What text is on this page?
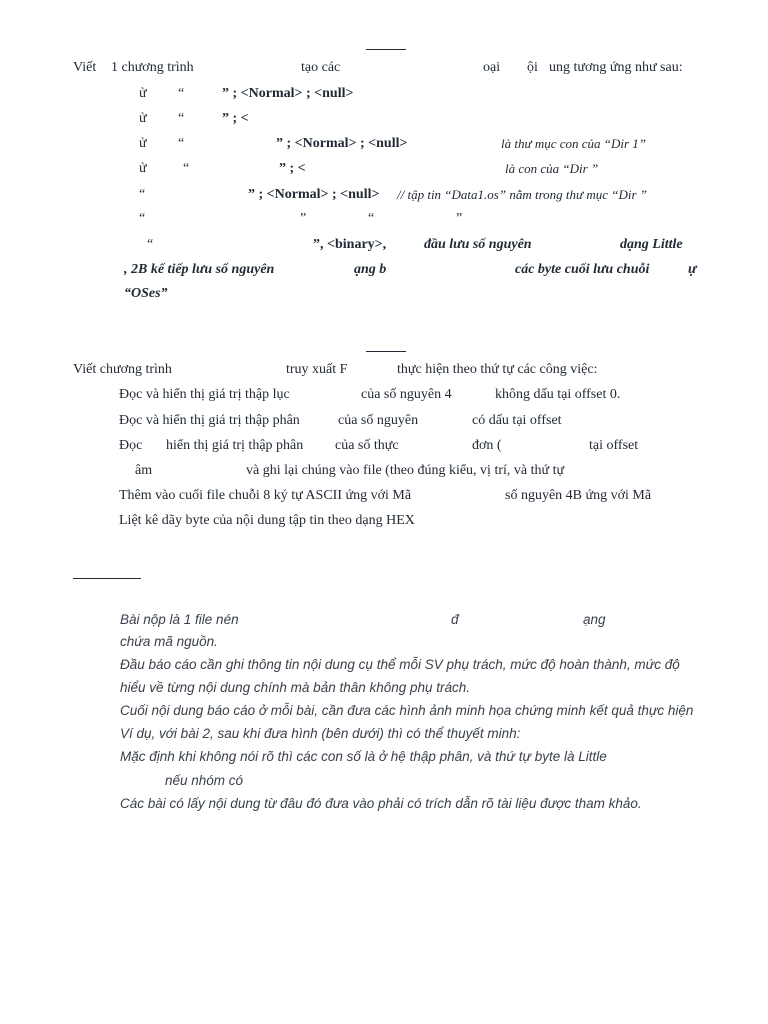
Viết 1 chương trình	tạo các	oại ội ung tương ứng như sau:
ử “	” ; <Normal> ; <null>
ử “	” ; <
ử “	” ; <Normal> ; <null>	là thư mục con của “Dir 1”
ử	“	” ; <	là con của “Dir ”
“	” ; <Normal> ; <null> // tập tin “Data1.os” nằm trong thư mục “Dir ”
“	”	“	”
“	”, <binary>,	đầu lưu số nguyên	dạng Little
, 2B kế tiếp lưu số nguyên	ạng b	các byte cuối lưu chuỗi	ự
“OSes”
Viết chương trình	truy xuất F	thực hiện theo thứ tự các công việc:
Đọc và hiển thị giá trị thập lục	của số nguyên 4	không dấu tại offset 0.
Đọc và hiển thị giá trị thập phân	của số nguyên	có dấu tại offset
Đọc hiển thị giá trị thập phân của số thực	đơn (	tại offset
âm	và ghi lại chúng vào file (theo đúng kiểu, vị trí, và thứ tự
Thêm vào cuối file chuỗi 8 ký tự ASCII ứng với Mã	số nguyên 4B ứng với Mã
Liệt kê dãy byte của nội dung tập tin theo dạng HEX
Bài nộp là 1 file nén	đ	ạng
chứa mã nguồn.
Đầu báo cáo cần ghi thông tin nội dung cụ thể mỗi SV phụ trách, mức độ hoàn thành, mức độ
hiểu về từng nội dung chính mà bản thân không phụ trách.
Cuối nội dung báo cáo ở mỗi bài, cần đưa các hình ảnh minh họa chứng minh kết quả thực hiện
Ví dụ, với bài 2, sau khi đưa hình (bên dưới) thì có thể thuyết minh:
Mặc định khi không nói rõ thì các con số là ở hệ thập phân, và thứ tự byte là Little
nếu nhóm có
Các bài có lấy nội dung từ đâu đó đưa vào phải có trích dẫn rõ tài liệu được tham khảo.
